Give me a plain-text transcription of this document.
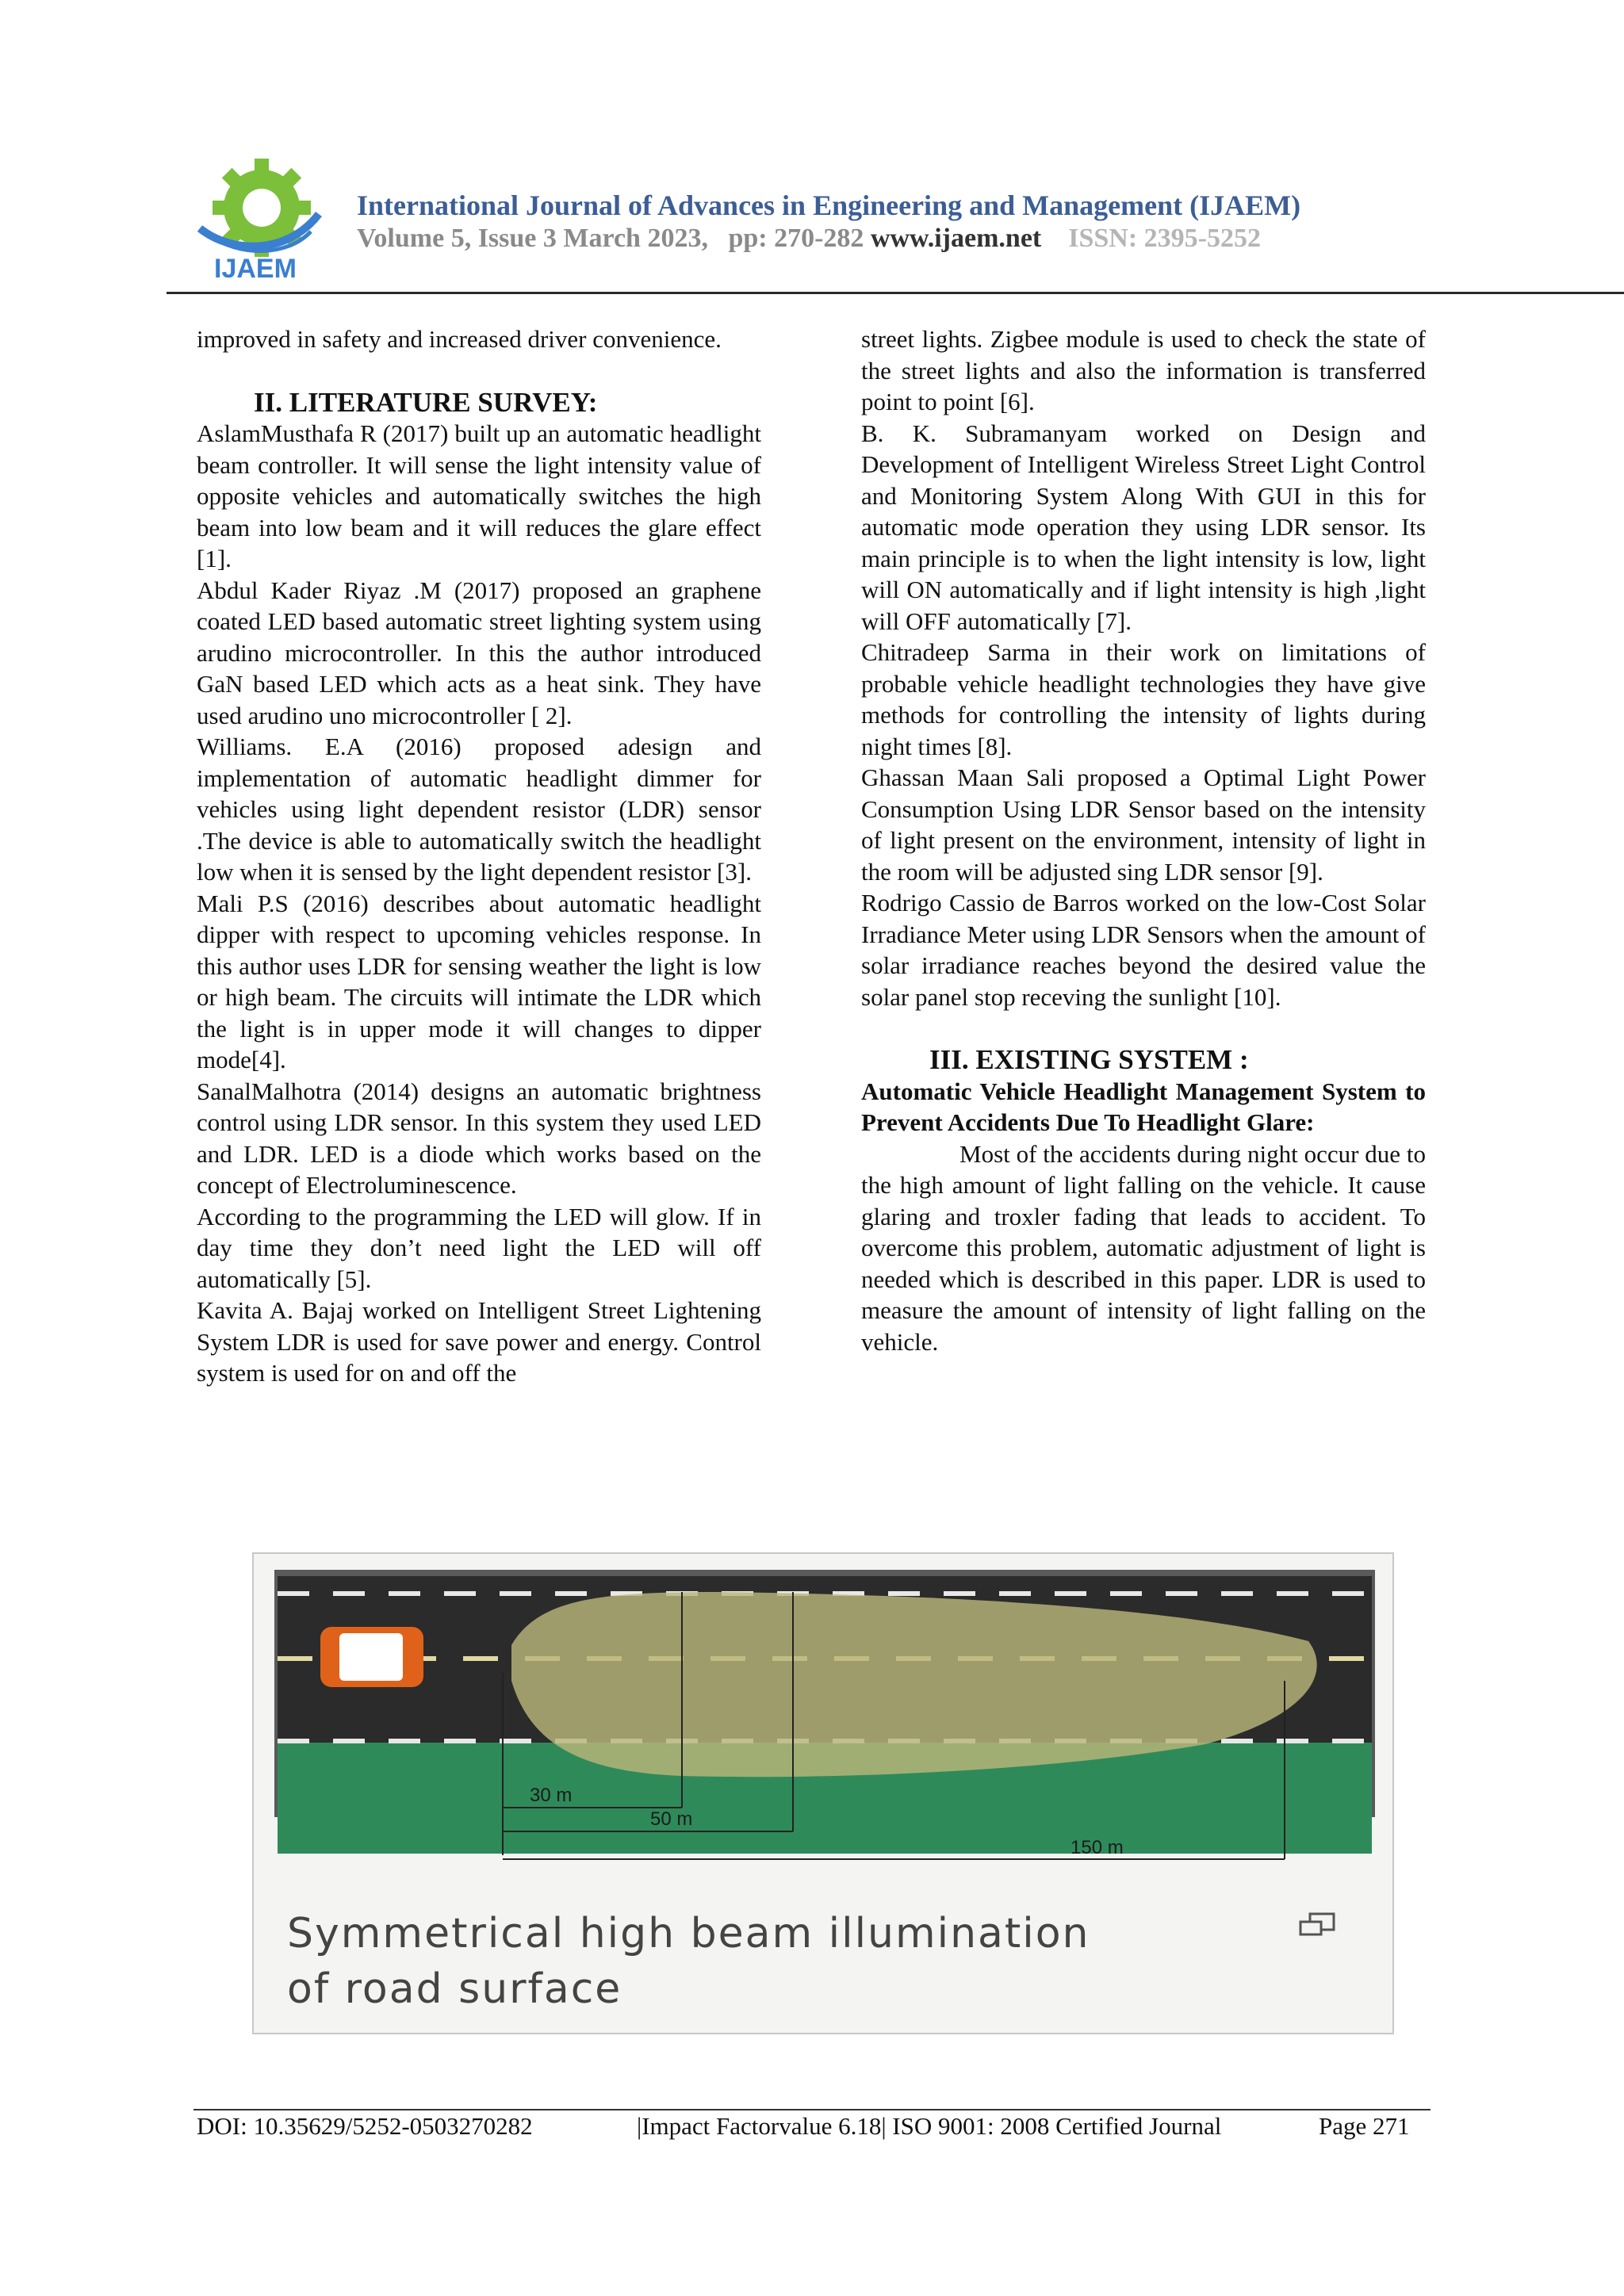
IJAEM
International Journal of Advances in Engineering and Management (IJAEM)
Volume 5, Issue 3 March 2023, pp: 270-282 www.ijaem.net ISSN: 2395-5252

improved in safety and increased driver convenience.

II. LITERATURE SURVEY:

AslamMusthafa R (2017) built up an automatic headlight beam controller. It will sense the light intensity value of opposite vehicles and automatically switches the high beam into low beam and it will reduces the glare effect [1].

Abdul Kader Riyaz .M (2017) proposed an graphene coated LED based automatic street lighting system using arudino microcontroller. In this the author introduced GaN based LED which acts as a heat sink. They have used arudino uno microcontroller [ 2].

Williams. E.A (2016) proposed adesign and implementation of automatic headlight dimmer for vehicles using light dependent resistor (LDR) sensor .The device is able to automatically switch the headlight low when it is sensed by the light dependent resistor [3].

Mali P.S (2016) describes about automatic headlight dipper with respect to upcoming vehicles response. In this author uses LDR for sensing weather the light is low or high beam. The circuits will intimate the LDR which the light is in upper mode it will changes to dipper mode[4].

SanalMalhotra (2014) designs an automatic brightness control using LDR sensor. In this system they used LED and LDR. LED is a diode which works based on the concept of Electroluminescence.

According to the programming the LED will glow. If in day time they don’t need light the LED will off automatically [5].

Kavita A. Bajaj worked on Intelligent Street Lightening System LDR is used for save power and energy. Control system is used for on and off the

street lights. Zigbee module is used to check the state of the street lights and also the information is transferred point to point [6].

B. K. Subramanyam worked on Design and Development of Intelligent Wireless Street Light Control and Monitoring System Along With GUI in this for automatic mode operation they using LDR sensor. Its main principle is to when the light intensity is low, light will ON automatically and if light intensity is high ,light will OFF automatically [7].

Chitradeep Sarma in their work on limitations of probable vehicle headlight technologies they have give methods for controlling the intensity of lights during night times [8].

Ghassan Maan Sali proposed a Optimal Light Power Consumption Using LDR Sensor based on the intensity of light present on the environment, intensity of light in the room will be adjusted sing LDR sensor [9].

Rodrigo Cassio de Barros worked on the low-Cost Solar Irradiance Meter using LDR Sensors when the amount of solar irradiance reaches beyond the desired value the solar panel stop receving the sunlight [10].

III. EXISTING SYSTEM :

Automatic Vehicle Headlight Management System to Prevent Accidents Due To Headlight Glare:

Most of the accidents during night occur due to the high amount of light falling on the vehicle. It cause glaring and troxler fading that leads to accident. To overcome this problem, automatic adjustment of light is needed which is described in this paper. LDR is used to measure the amount of intensity of light falling on the vehicle.

30 m
50 m
150 m
Symmetrical high beam illumination
of road surface
DOI: 10.35629/5252-0503270282	|Impact Factorvalue 6.18| ISO 9001: 2008 Certified Journal	Page 271
